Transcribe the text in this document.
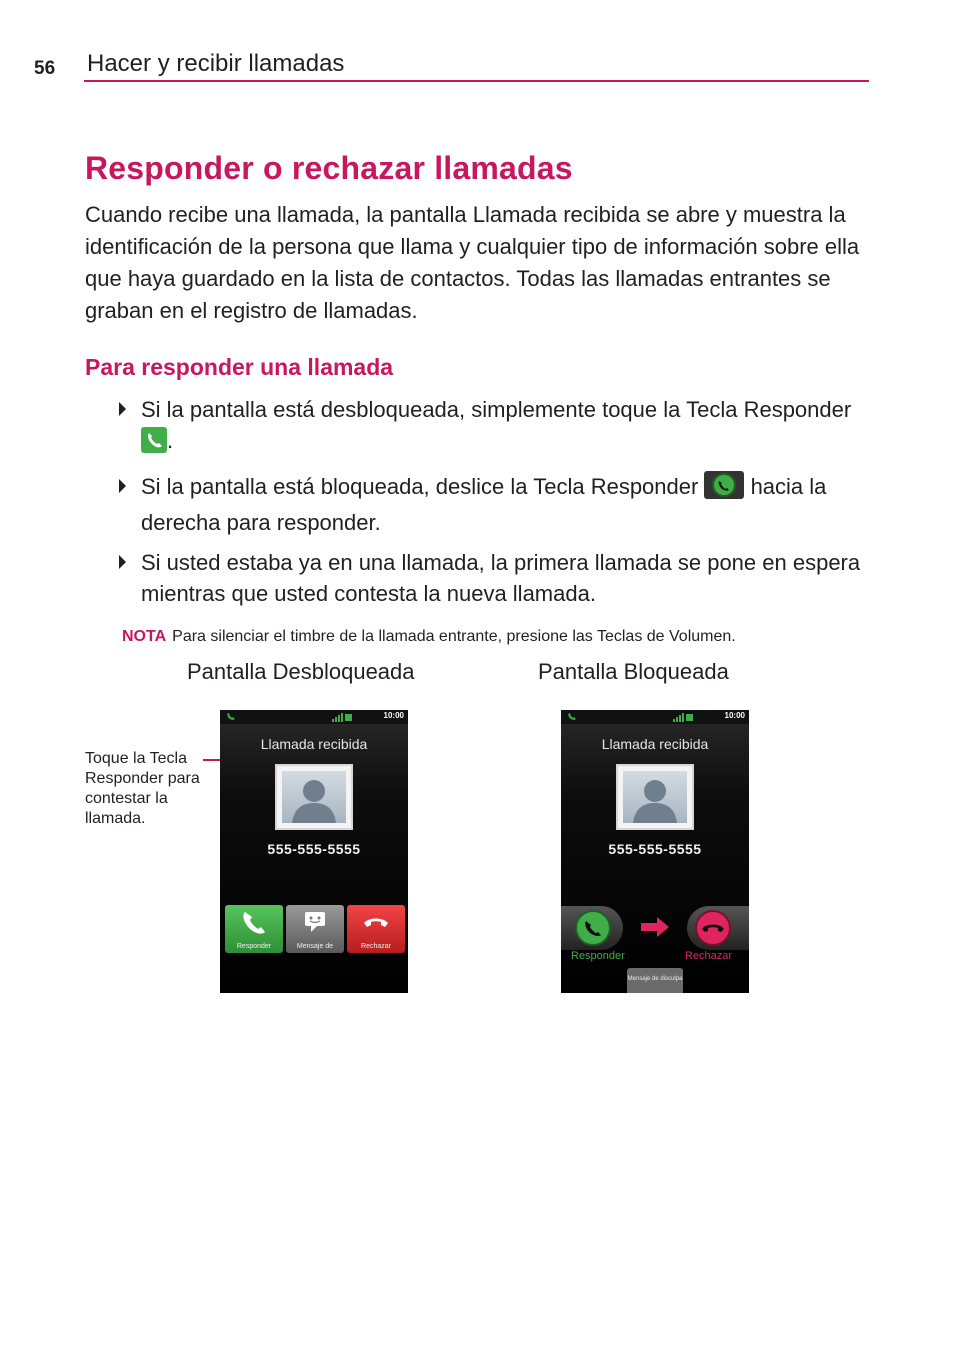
56 Hacer y recibir llamadas
Responder o rechazar llamadas

Cuando recibe una llamada, la pantalla Llamada recibida se abre y muestra la identificación de la persona que llama y cualquier tipo de información sobre ella que haya guardado en la lista de contactos. Todas las llamadas entrantes se graban en el registro de llamadas.

Para responder una llamada
Si la pantalla está desbloqueada, simplemente toque la Tecla Responder .
Si la pantalla está bloqueada, deslice la Tecla Responder  hacia la derecha para responder.
Si usted estaba ya en una llamada, la primera llamada se pone en espera mientras que usted contesta la nueva llamada.
NOTA Para silenciar el timbre de la llamada entrante, presione las Teclas de Volumen.
Pantalla Desbloqueada	Pantalla Bloqueada
Toque la Tecla Responder para contestar la llamada.
10:00
Llamada recibida
555-555-5555
Responder	Mensaje de	Rechazar
10:00
Llamada recibida
555-555-5555
Responder	Rechazar
Mensaje de disculpa
